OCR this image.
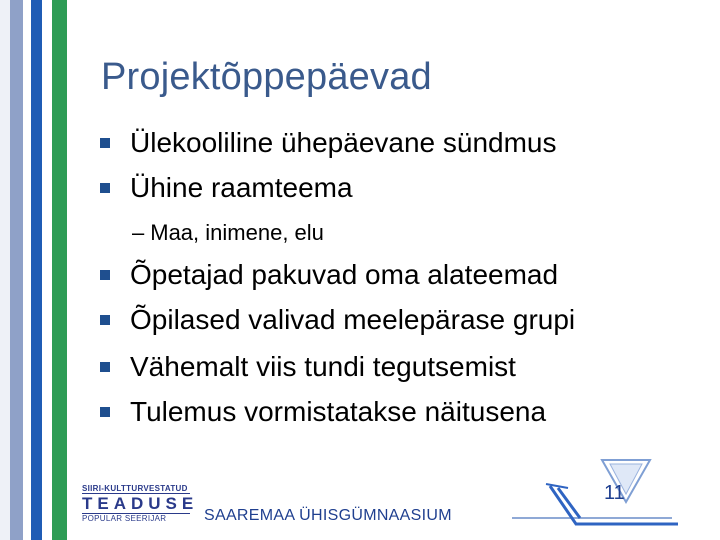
Projektõppepäevad
Ülekooliline ühepäevane sündmus
Ühine raamteema
– Maa, inimene, elu
Õpetajad pakuvad oma alateemad
Õpilased valivad meelepärase grupi
Vähemalt viis tundi tegutsemist
Tulemus vormistatakse näitusena
SIIRI-KULTTURVESTATUD
TEADUSE
POPULAR SEERIJAR SAAREMAA ÜHISGÜMNAASIUM
11
